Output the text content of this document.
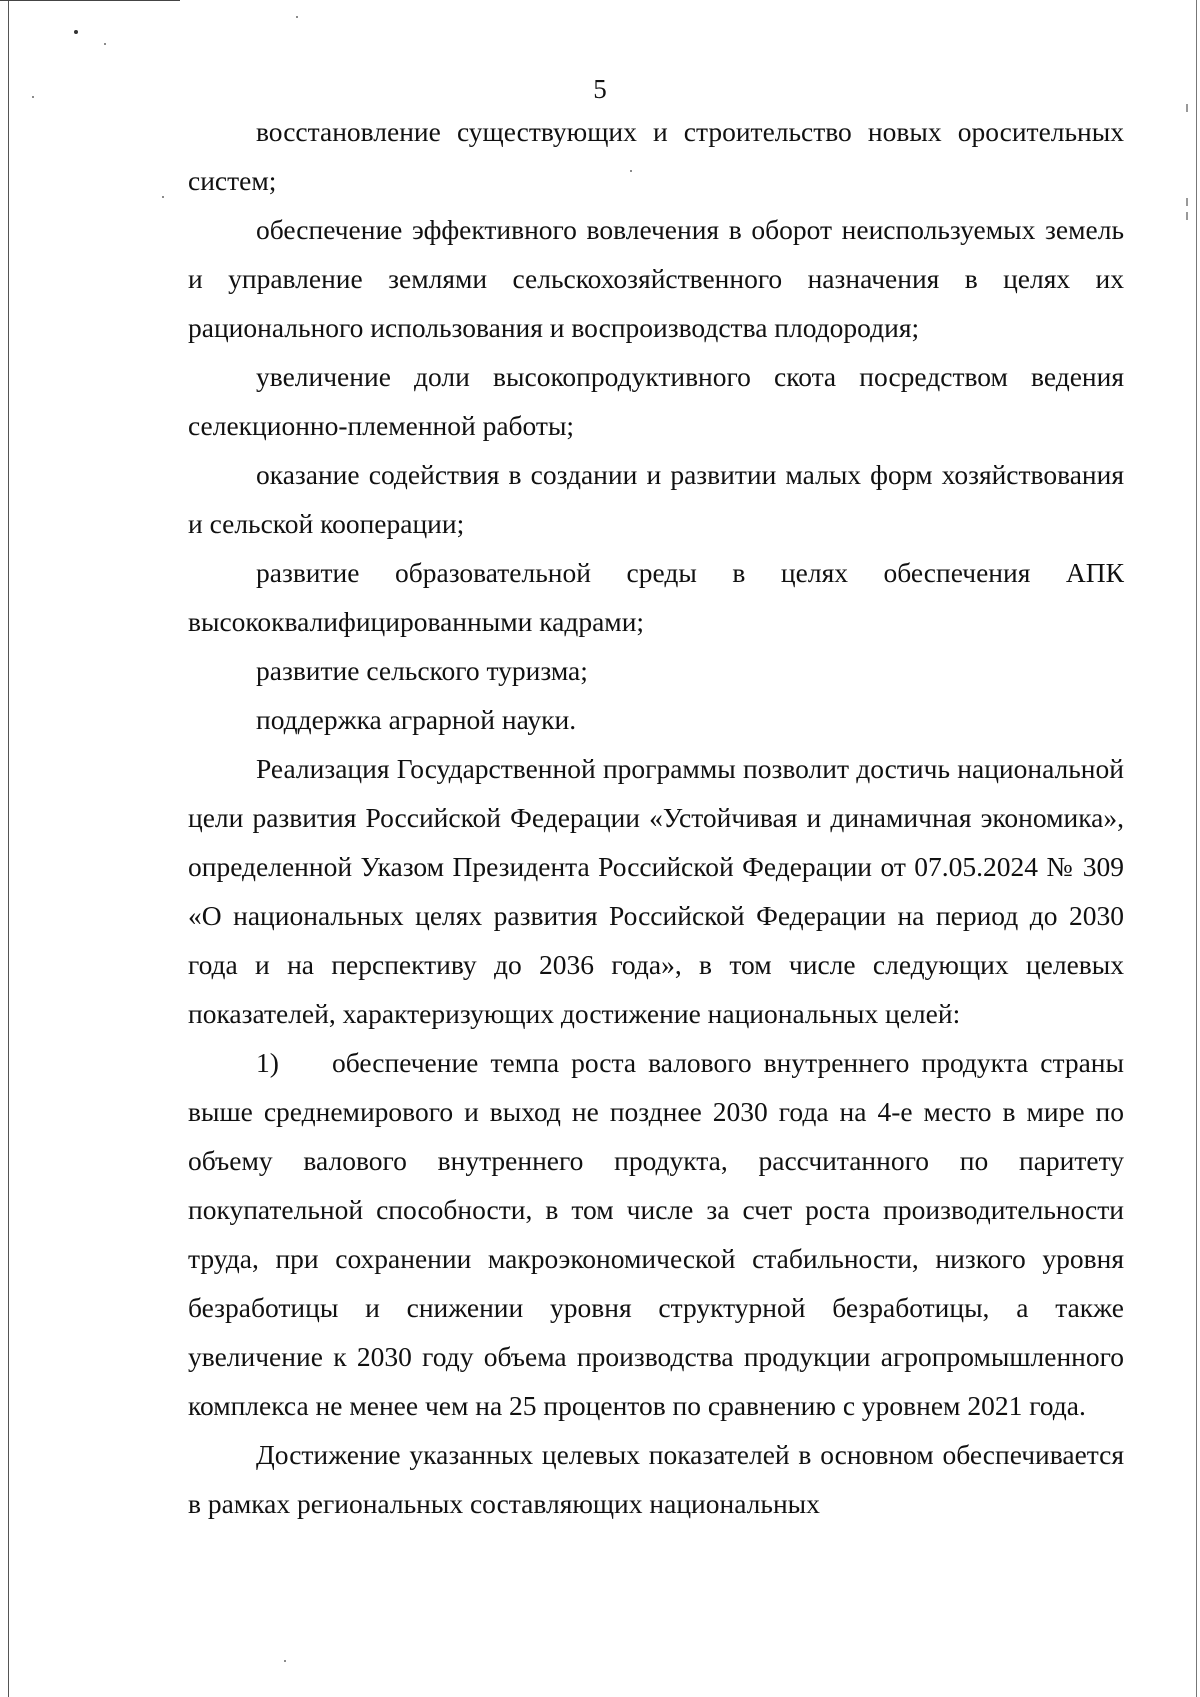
5

восстановление существующих и строительство новых оросительных систем;

обеспечение эффективного вовлечения в оборот неиспользуемых земель и управление землями сельскохозяйственного назначения в целях их рационального использования и воспроизводства плодородия;

увеличение доли высокопродуктивного скота посредством ведения селекционно-племенной работы;

оказание содействия в создании и развитии малых форм хозяйствования и сельской кооперации;

развитие образовательной среды в целях обеспечения АПК высококвалифицированными кадрами;

развитие сельского туризма;

поддержка аграрной науки.

Реализация Государственной программы позволит достичь национальной цели развития Российской Федерации «Устойчивая и динамичная экономика», определенной Указом Президента Российской Федерации от 07.05.2024 № 309 «О национальных целях развития Российской Федерации на период до 2030 года и на перспективу до 2036 года», в том числе следующих целевых показателей, характеризующих достижение национальных целей:

1) обеспечение темпа роста валового внутреннего продукта страны выше среднемирового и выход не позднее 2030 года на 4-е место в мире по объему валового внутреннего продукта, рассчитанного по паритету покупательной способности, в том числе за счет роста производительности труда, при сохранении макроэкономической стабильности, низкого уровня безработицы и снижении уровня структурной безработицы, а также увеличение к 2030 году объема производства продукции агропромышленного комплекса не менее чем на 25 процентов по сравнению с уровнем 2021 года.

Достижение указанных целевых показателей в основном обеспечивается в рамках региональных составляющих национальных
